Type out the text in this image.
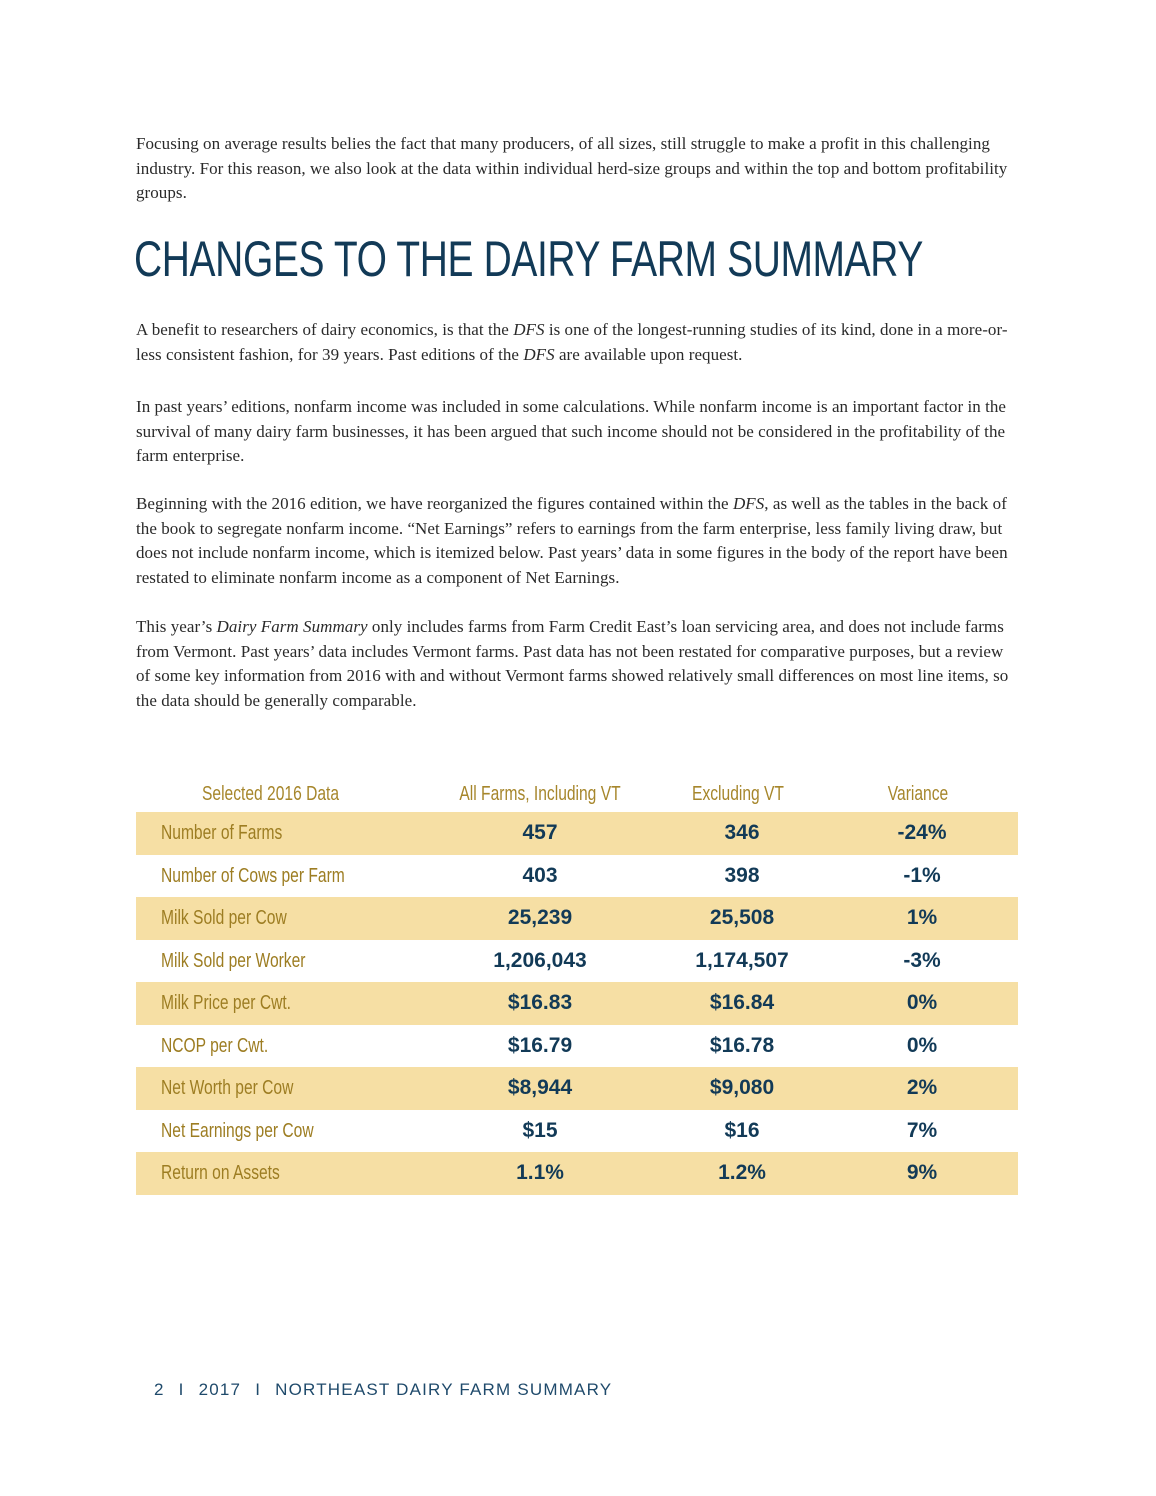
Focusing on average results belies the fact that many producers, of all sizes, still struggle to make a profit in this challenging industry. For this reason, we also look at the data within individual herd-size groups and within the top and bottom profitability groups.

CHANGES TO THE DAIRY FARM SUMMARY

A benefit to researchers of dairy economics, is that the DFS is one of the longest-running studies of its kind, done in a more-or-less consistent fashion, for 39 years. Past editions of the DFS are available upon request.

In past years’ editions, nonfarm income was included in some calculations. While nonfarm income is an important factor in the survival of many dairy farm businesses, it has been argued that such income should not be considered in the profitability of the farm enterprise.

Beginning with the 2016 edition, we have reorganized the figures contained within the DFS, as well as the tables in the back of the book to segregate nonfarm income. “Net Earnings” refers to earnings from the farm enterprise, less family living draw, but does not include nonfarm income, which is itemized below. Past years’ data in some figures in the body of the report have been restated to eliminate nonfarm income as a component of Net Earnings.

This year’s Dairy Farm Summary only includes farms from Farm Credit East’s loan servicing area, and does not include farms from Vermont. Past years’ data includes Vermont farms. Past data has not been restated for comparative purposes, but a review of some key information from 2016 with and without Vermont farms showed relatively small differences on most line items, so the data should be generally comparable.

Selected 2016 Data	All Farms, Including VT	Excluding VT	Variance
Number of Farms	457	346	-24%
Number of Cows per Farm	403	398	-1%
Milk Sold per Cow	25,239	25,508	1%
Milk Sold per Worker	1,206,043	1,174,507	-3%
Milk Price per Cwt.	$16.83	$16.84	0%
NCOP per Cwt.	$16.79	$16.78	0%
Net Worth per Cow	$8,944	$9,080	2%
Net Earnings per Cow	$15	$16	7%
Return on Assets	1.1%	1.2%	9%
2 I 2017 I NORTHEAST DAIRY FARM SUMMARY
